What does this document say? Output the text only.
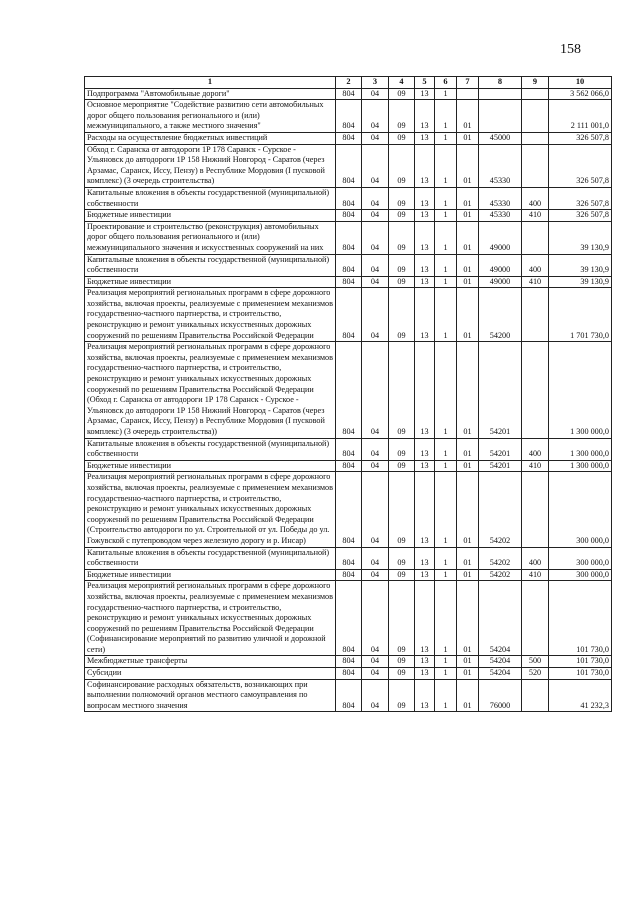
158
1	2	3	4	5	6	7	8	9	10
Подпрограмма "Автомобильные дороги"	804	04	09	13	1				3 562 066,0
Основное мероприятие "Содействие развитию сети автомобильных дорог общего пользования регионального и (или) межмуниципального, а также местного значения"	804	04	09	13	1	01			2 111 001,0
Расходы на осуществление бюджетных инвестиций	804	04	09	13	1	01	45000		326 507,8
Обход г. Саранска от автодороги 1Р 178 Саранск - Сурское - Ульяновск до автодороги 1Р 158 Нижний Новгород - Саратов (через Арзамас, Саранск, Исcу, Пензу) в Республике Мордовия (I пусковой комплекс) (3 очередь строительства)	804	04	09	13	1	01	45330		326 507,8
Капитальные вложения в объекты государственной (муниципальной) собственности	804	04	09	13	1	01	45330	400	326 507,8
Бюджетные инвестиции	804	04	09	13	1	01	45330	410	326 507,8
Проектирование и строительство (реконструкция) автомобильных дорог общего пользования регионального и (или) межмуниципального значения и искусственных сооружений на них	804	04	09	13	1	01	49000		39 130,9
Капитальные вложения в объекты государственной (муниципальной) собственности	804	04	09	13	1	01	49000	400	39 130,9
Бюджетные инвестиции	804	04	09	13	1	01	49000	410	39 130,9
Реализация мероприятий региональных программ в сфере дорожного хозяйства, включая проекты, реализуемые с применением механизмов государственно-частного партнерства, и строительство, реконструкцию и ремонт уникальных искусственных дорожных сооружений по решениям Правительства Российской Федерации	804	04	09	13	1	01	54200		1 701 730,0
Реализация мероприятий региональных программ в сфере дорожного хозяйства, включая проекты, реализуемые с применением механизмов государственно-частного партнерства, и строительство, реконструкцию и ремонт уникальных искусственных дорожных сооружений по решениям Правительства Российской Федерации (Обход г. Саранска от автодороги 1Р 178 Саранск - Сурское - Ульяновск до автодороги 1Р 158 Нижний Новгород - Саратов (через Арзамас, Саранск, Исcу, Пензу) в Республике Мордовия (I пусковой комплекс) (3 очередь строительства))	804	04	09	13	1	01	54201		1 300 000,0
Капитальные вложения в объекты государственной (муниципальной) собственности	804	04	09	13	1	01	54201	400	1 300 000,0
Бюджетные инвестиции	804	04	09	13	1	01	54201	410	1 300 000,0
Реализация мероприятий региональных программ в сфере дорожного хозяйства, включая проекты, реализуемые с применением механизмов государственно-частного партнерства, и строительство, реконструкцию и ремонт уникальных искусственных дорожных сооружений по решениям Правительства Российской Федерации (Строительство автодороги по ул. Строительной от ул. Победы до ул. Гожувской с путепроводом через железную дорогу и р. Инсар)	804	04	09	13	1	01	54202		300 000,0
Капитальные вложения в объекты государственной (муниципальной) собственности	804	04	09	13	1	01	54202	400	300 000,0
Бюджетные инвестиции	804	04	09	13	1	01	54202	410	300 000,0
Реализация мероприятий региональных программ в сфере дорожного хозяйства, включая проекты, реализуемые с применением механизмов государственно-частного партнерства, и строительство, реконструкцию и ремонт уникальных искусственных дорожных сооружений по решениям Правительства Российской Федерации (Софинансирование мероприятий по развитию уличной и дорожной сети)	804	04	09	13	1	01	54204		101 730,0
Межбюджетные трансферты	804	04	09	13	1	01	54204	500	101 730,0
Субсидии	804	04	09	13	1	01	54204	520	101 730,0
Софинансирование расходных обязательств, возникающих при выполнении полномочий органов местного самоуправления по вопросам местного значения	804	04	09	13	1	01	76000		41 232,3
